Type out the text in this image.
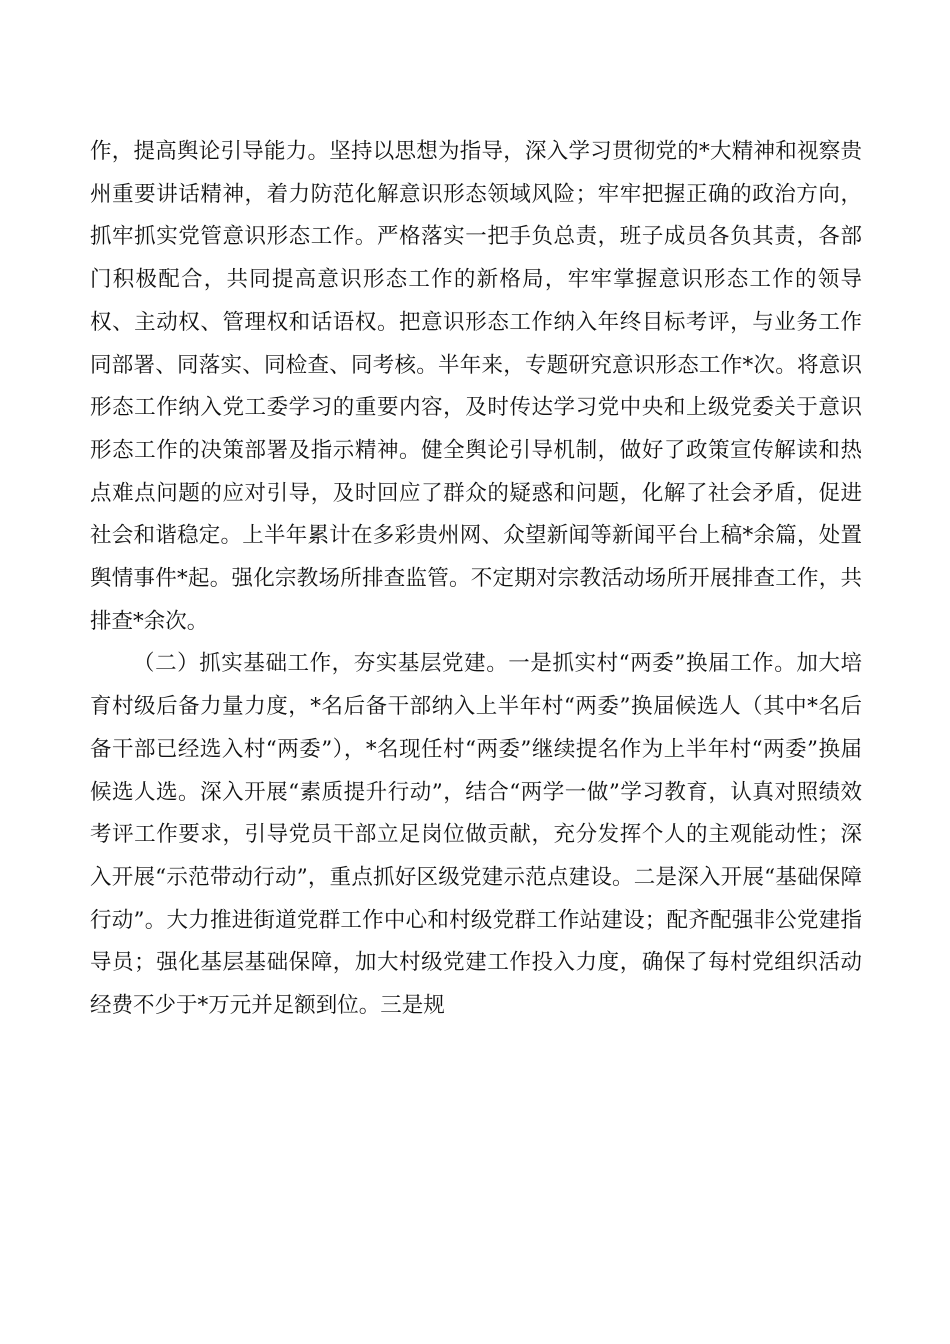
作，提高舆论引导能力。坚持以思想为指导，深入学习贯彻党的*大精神和视察贵州重要讲话精神，着力防范化解意识形态领域风险；牢牢把握正确的政治方向，抓牢抓实党管意识形态工作。严格落实一把手负总责，班子成员各负其责，各部门积极配合，共同提高意识形态工作的新格局，牢牢掌握意识形态工作的领导权、主动权、管理权和话语权。把意识形态工作纳入年终目标考评，与业务工作同部署、同落实、同检查、同考核。半年来，专题研究意识形态工作*次。将意识形态工作纳入党工委学习的重要内容，及时传达学习党中央和上级党委关于意识形态工作的决策部署及指示精神。健全舆论引导机制，做好了政策宣传解读和热点难点问题的应对引导，及时回应了群众的疑惑和问题，化解了社会矛盾，促进社会和谐稳定。上半年累计在多彩贵州网、众望新闻等新闻平台上稿*余篇，处置舆情事件*起。强化宗教场所排查监管。不定期对宗教活动场所开展排查工作，共排查*余次。

（二）抓实基础工作，夯实基层党建。一是抓实村“两委”换届工作。加大培育村级后备力量力度，*名后备干部纳入上半年村“两委”换届候选人（其中*名后备干部已经选入村“两委”），*名现任村“两委”继续提名作为上半年村“两委”换届候选人选。深入开展“素质提升行动”，结合“两学一做”学习教育，认真对照绩效考评工作要求，引导党员干部立足岗位做贡献，充分发挥个人的主观能动性；深入开展“示范带动行动”，重点抓好区级党建示范点建设。二是深入开展“基础保障行动”。大力推进街道党群工作中心和村级党群工作站建设；配齐配强非公党建指导员；强化基层基础保障，加大村级党建工作投入力度，确保了每村党组织活动经费不少于*万元并足额到位。三是规
